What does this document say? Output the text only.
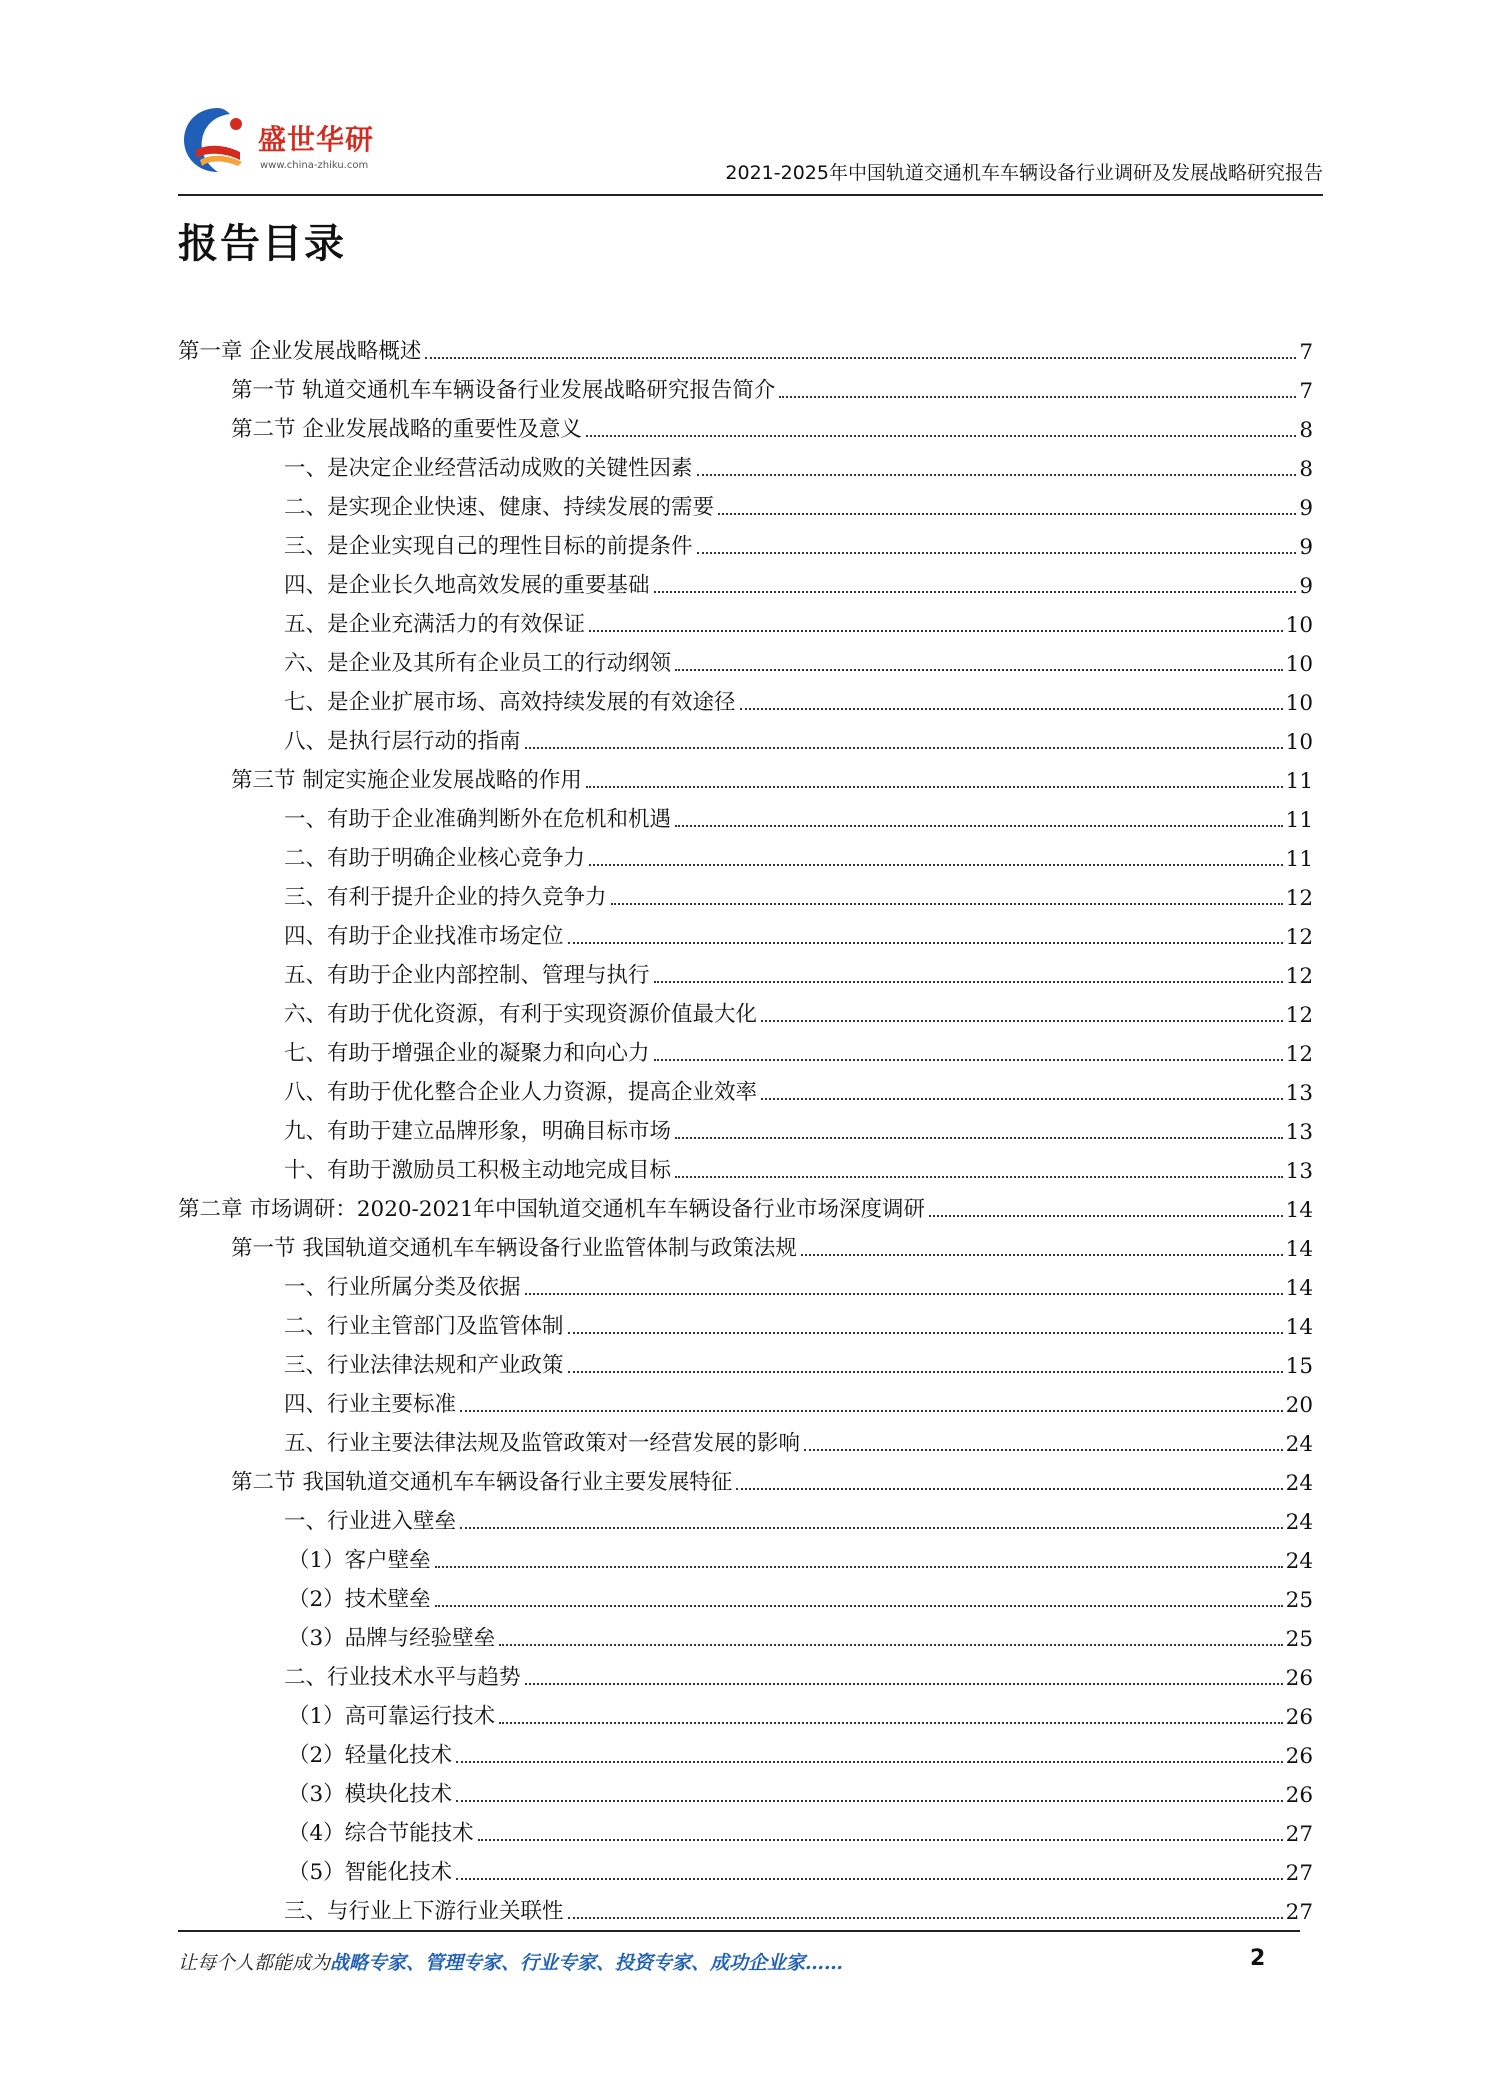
盛世华研
www.china-zhiku.com	2021-2025年中国轨道交通机车车辆设备行业调研及发展战略研究报告
报告目录
第一章 企业发展战略概述	7
第一节 轨道交通机车车辆设备行业发展战略研究报告简介	7
第二节 企业发展战略的重要性及意义	8
一、是决定企业经营活动成败的关键性因素	8
二、是实现企业快速、健康、持续发展的需要	9
三、是企业实现自己的理性目标的前提条件	9
四、是企业长久地高效发展的重要基础	9
五、是企业充满活力的有效保证	10
六、是企业及其所有企业员工的行动纲领	10
七、是企业扩展市场、高效持续发展的有效途径	10
八、是执行层行动的指南	10
第三节 制定实施企业发展战略的作用	11
一、有助于企业准确判断外在危机和机遇	11
二、有助于明确企业核心竞争力	11
三、有利于提升企业的持久竞争力	12
四、有助于企业找准市场定位	12
五、有助于企业内部控制、管理与执行	12
六、有助于优化资源，有利于实现资源价值最大化	12
七、有助于增强企业的凝聚力和向心力	12
八、有助于优化整合企业人力资源，提高企业效率	13
九、有助于建立品牌形象，明确目标市场	13
十、有助于激励员工积极主动地完成目标	13
第二章 市场调研：2020-2021年中国轨道交通机车车辆设备行业市场深度调研	14
第一节 我国轨道交通机车车辆设备行业监管体制与政策法规	14
一、行业所属分类及依据	14
二、行业主管部门及监管体制	14
三、行业法律法规和产业政策	15
四、行业主要标准	20
五、行业主要法律法规及监管政策对一经营发展的影响	24
第二节 我国轨道交通机车车辆设备行业主要发展特征	24
一、行业进入壁垒	24
（1）客户壁垒	24
（2）技术壁垒	25
（3）品牌与经验壁垒	25
二、行业技术水平与趋势	26
（1）高可靠运行技术	26
（2）轻量化技术	26
（3）模块化技术	26
（4）综合节能技术	27
（5）智能化技术	27
三、与行业上下游行业关联性	27
让每个人都能成为战略专家、管理专家、行业专家、投资专家、成功企业家……	2
